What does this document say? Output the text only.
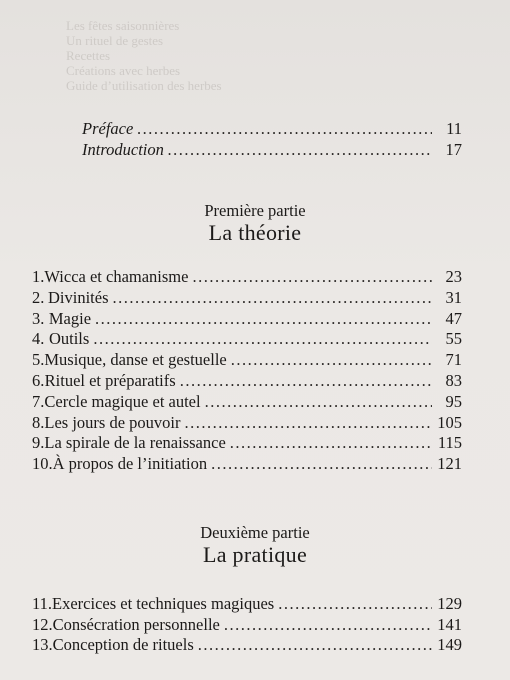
Les fêtes saisonnières
Un rituel de gestes
Recettes
Créations avec herbes
Guide d’utilisation des herbes
Préface .....	11
Introduction .....	17
Première partie
La théorie
1. Wicca et chamanisme .....	23
2. Divinités .....	31
3. Magie .....	47
4. Outils .....	55
5. Musique, danse et gestuelle .....	71
6. Rituel et préparatifs .....	83
7. Cercle magique et autel .....	95
8. Les jours de pouvoir .....	105
9. La spirale de la renaissance .....	115
10. À propos de l’initiation .....	121
Deuxième partie
La pratique
11. Exercices et techniques magiques .....	129
12. Consécration personnelle .....	141
13. Conception de rituels .....	149
